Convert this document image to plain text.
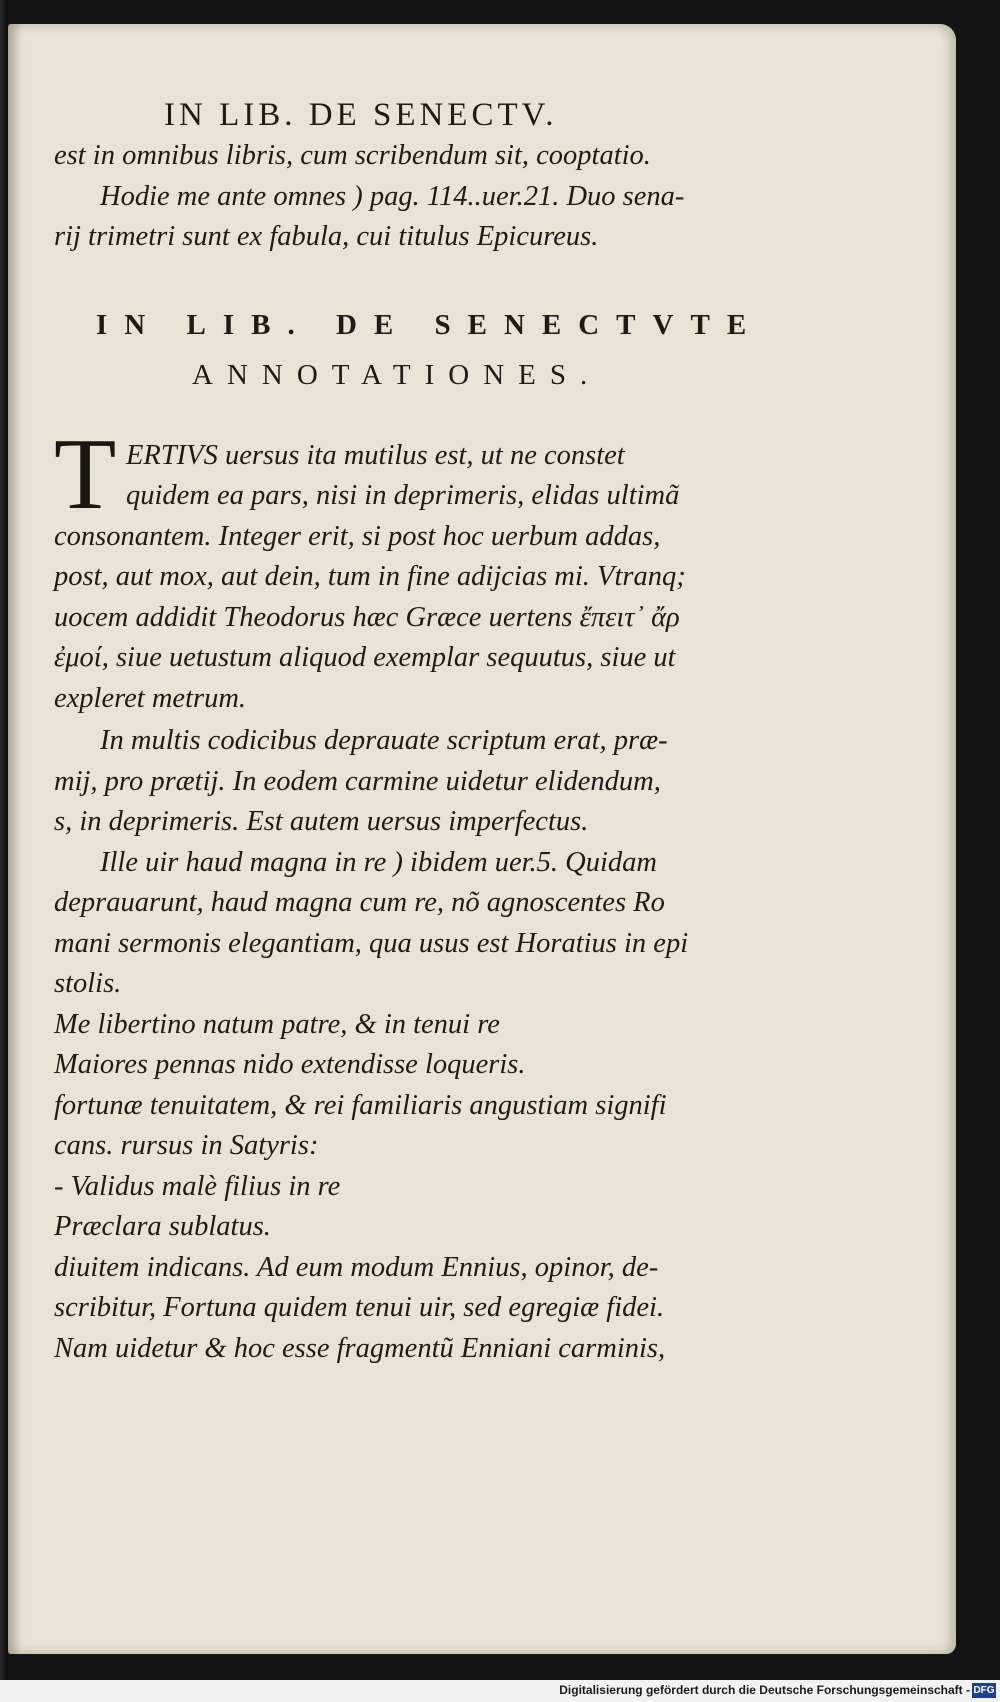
IN LIB. DE SENECTV.

est in omnibus libris, cum scribendum sit, cooptatio.

Hodie me ante omnes ) pag. 114..uer.21. Duo sena-

rij trimetri sunt ex fabula, cui titulus Epicureus.

IN LIB. DE SENECTVTE
ANNOTATIONES.
T ERTIVS uersus ita mutilus est, ut ne constet

quidem ea pars, nisi in deprimeris, elidas ultimã

consonantem. Integer erit, si post hoc uerbum addas,

post, aut mox, aut dein, tum in fine adijcias mi. Vtranq;

uocem addidit Theodorus hæc Græce uertens ἔπειτ᾽ ἄρ

ἐμοί, siue uetustum aliquod exemplar sequutus, siue ut

expleret metrum.

In multis codicibus deprauate scriptum erat, præ-

mij, pro prætij. In eodem carmine uidetur elidendum,

s, in deprimeris. Est autem uersus imperfectus.

Ille uir haud magna in re ) ibidem uer.5. Quidam

deprauarunt, haud magna cum re, nõ agnoscentes Ro

mani sermonis elegantiam, qua usus est Horatius in epi

stolis.

Me libertino natum patre, & in tenui re

Maiores pennas nido extendisse loqueris.

fortunæ tenuitatem, & rei familiaris angustiam signifi

cans. rursus in Satyris:

- Validus malè filius in re

Præclara sublatus.

diuitem indicans. Ad eum modum Ennius, opinor, de-

scribitur, Fortuna quidem tenui uir, sed egregiæ fidei.

Nam uidetur & hoc esse fragmentũ Enniani carminis,

Digitalisierung gefördert durch die Deutsche Forschungsgemeinschaft - DFG
